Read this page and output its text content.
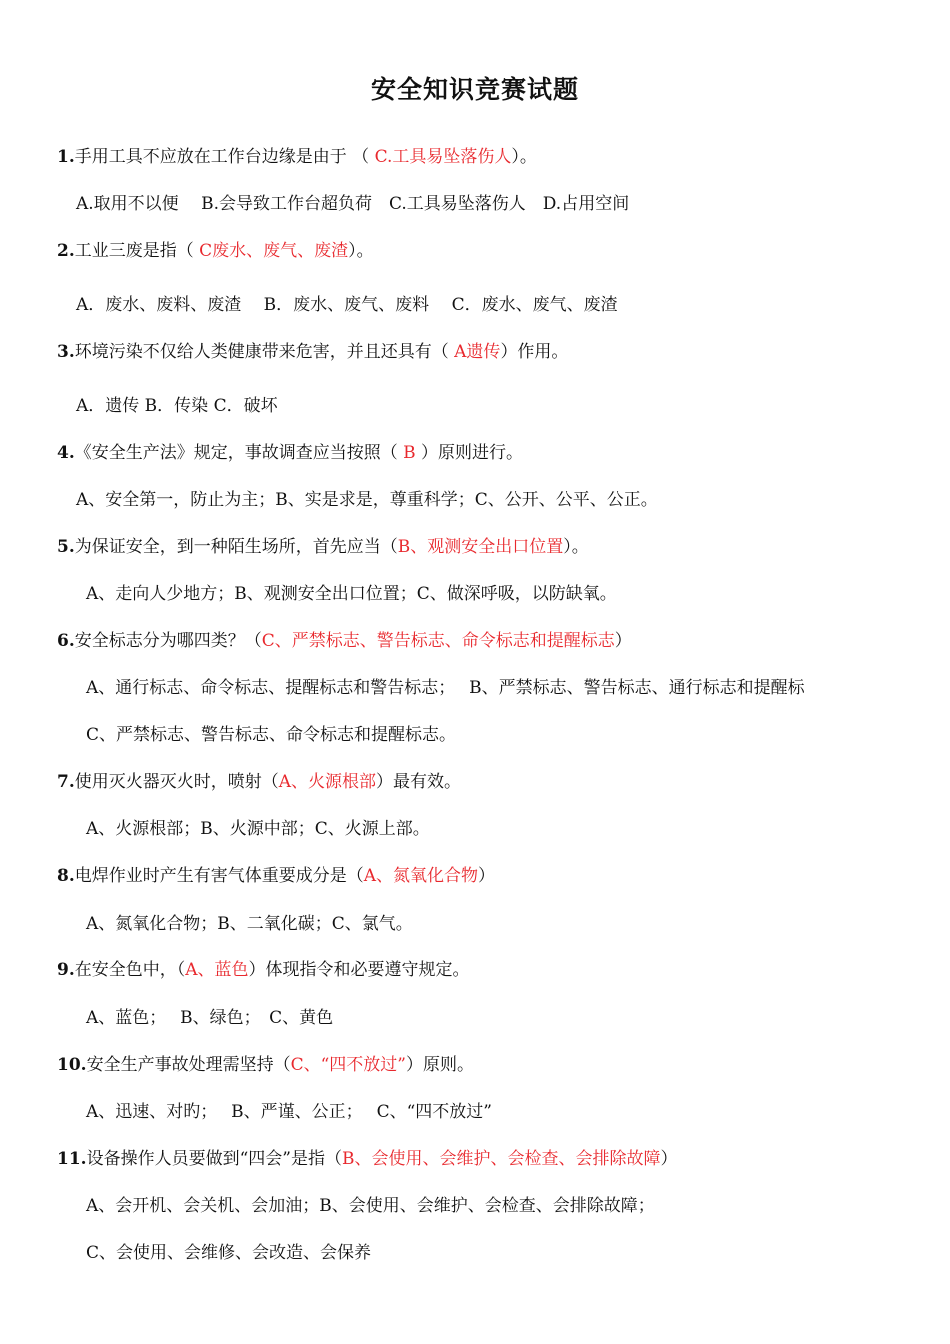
安全知识竞赛试题
1.手用工具不应放在工作台边缘是由于 （ C.工具易坠落伤人）。
A.取用不以便　 B.会导致工作台超负荷　C.工具易坠落伤人　D.占用空间
2.工业三废是指（ C废水、废气、废渣）。
A．废水、废料、废渣　 B．废水、废气、废料　 C．废水、废气、废渣
3.环境污染不仅给人类健康带来危害，并且还具有（ A遗传）作用。
A．遗传 B．传染 C．破坏
4.《安全生产法》规定，事故调查应当按照（ B ）原则进行。
A、安全第一，防止为主；B、实是求是，尊重科学；C、公开、公平、公正。
5.为保证安全，到一种陌生场所，首先应当（B、观测安全出口位置）。
A、走向人少地方；B、观测安全出口位置；C、做深呼吸，以防缺氧。
6.安全标志分为哪四类？（C、严禁标志、警告标志、命令标志和提醒标志）
A、通行标志、命令标志、提醒标志和警告标志；　 B、严禁标志、警告标志、通行标志和提醒标
C、严禁标志、警告标志、命令标志和提醒标志。
7.使用灭火器灭火时，喷射（A、火源根部）最有效。
A、火源根部；B、火源中部；C、火源上部。
8.电焊作业时产生有害气体重要成分是（A、氮氧化合物）
A、氮氧化合物；B、二氧化碳；C、氯气。
9.在安全色中，（A、蓝色）体现指令和必要遵守规定。
A、蓝色；　 B、绿色；　C、黄色
10.安全生产事故处理需坚持（C、“四不放过”）原则。
A、迅速、对旳；　 B、严谨、公正；　 C、“四不放过”
11.设备操作人员要做到“四会”是指（B、会使用、会维护、会检查、会排除故障）
A、会开机、会关机、会加油；B、会使用、会维护、会检查、会排除故障；
C、会使用、会维修、会改造、会保养
